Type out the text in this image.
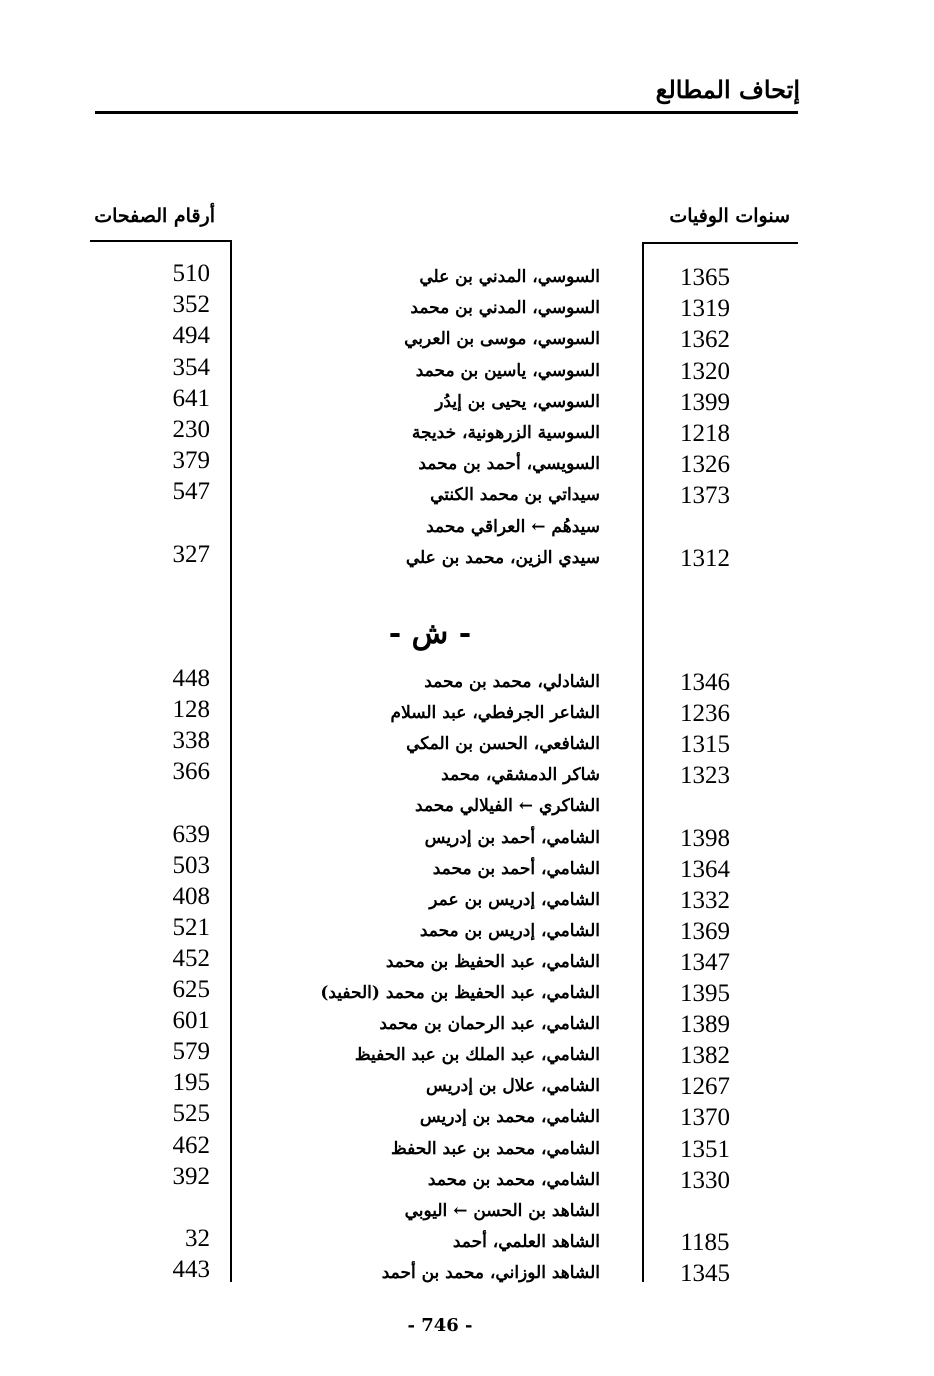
إتحاف المطالع
سنوات الوفيات
أرقام الصفحات
- ش -
1365
السوسي، المدني بن علي
510
1319
السوسي، المدني بن محمد
352
1362
السوسي، موسى بن العربي
494
1320
السوسي، ياسين بن محمد
354
1399
السوسي، يحيى بن إيدُر
641
1218
السوسية الزرهونية، خديجة
230
1326
السويسي، أحمد بن محمد
379
1373
سيداتي بن محمد الكنتي
547
سيدهُم ← العراقي محمد
1312
سيدي الزين، محمد بن علي
327
1346
الشادلي، محمد بن محمد
448
1236
الشاعر الجرفطي، عبد السلام
128
1315
الشافعي، الحسن بن المكي
338
1323
شاكر الدمشقي، محمد
366
الشاكري ← الفيلالي محمد
1398
الشامي، أحمد بن إدريس
639
1364
الشامي، أحمد بن محمد
503
1332
الشامي، إدريس بن عمر
408
1369
الشامي، إدريس بن محمد
521
1347
الشامي، عبد الحفيظ بن محمد
452
1395
الشامي، عبد الحفيظ بن محمد (الحفيد)
625
1389
الشامي، عبد الرحمان بن محمد
601
1382
الشامي، عبد الملك بن عبد الحفيظ
579
1267
الشامي، علال بن إدريس
195
1370
الشامي، محمد بن إدريس
525
1351
الشامي، محمد بن عبد الحفظ
462
1330
الشامي، محمد بن محمد
392
الشاهد بن الحسن ← اليوبي
1185
الشاهد العلمي، أحمد
32
1345
الشاهد الوزاني، محمد بن أحمد
443
- 746 -
